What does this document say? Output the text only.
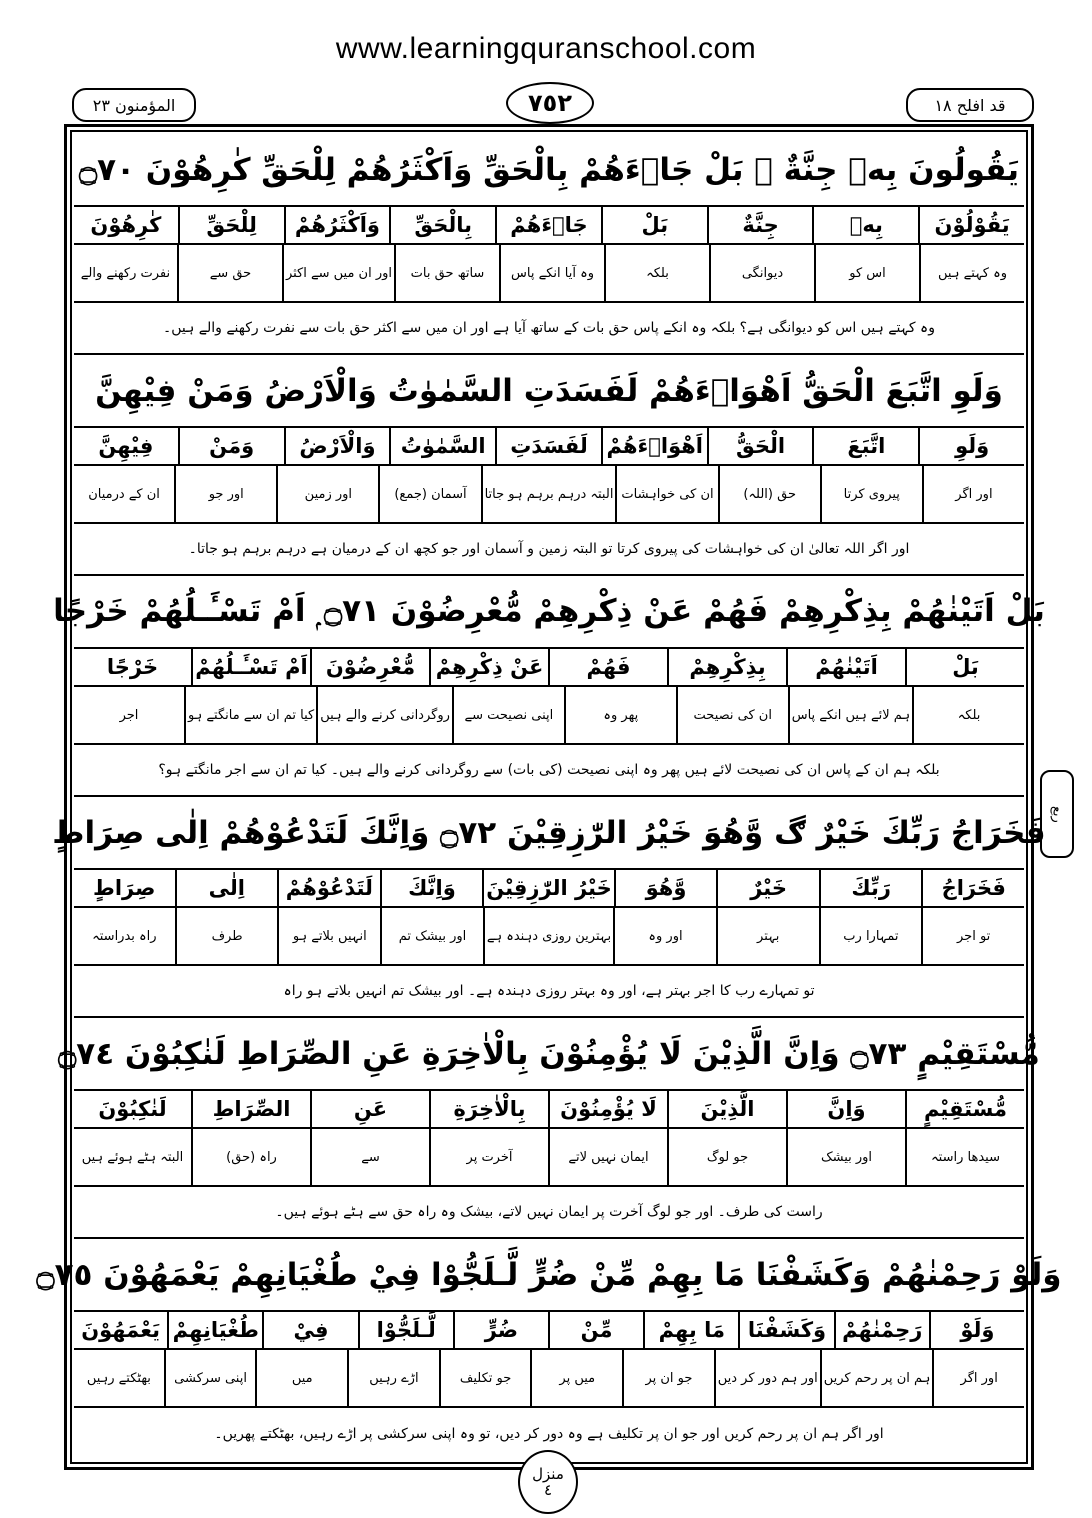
www.learningquranschool.com
المؤمنون ٢٣	٧٥٢	قد افلح ١٨
ربع
يَقُولُونَ بِهٖ جِنَّةٌ ۭ بَلْ جَاۗءَهُمْ بِالْحَقِّ وَاَكْثَرُهُمْ لِلْحَقِّ كٰرِهُوْنَ ۝٧٠
يَقُوْلُوْنَ
بِهٖ
جِنَّةٌ
بَلْ
جَاۗءَهُمْ
بِالْحَقِّ
وَاَكْثَرُهُمْ
لِلْحَقِّ
كٰرِهُوْنَ
وہ کہتے ہیں
اس کو
دیوانگی
بلکہ
وہ آیا انکے پاس
ساتھ حق بات
اور ان میں سے اکثر
حق سے
نفرت رکھنے والے
وہ کہتے ہیں اس کو دیوانگی ہے؟ بلکہ وہ انکے پاس حق بات کے ساتھ آیا ہے اور ان میں سے اکثر حق بات سے نفرت رکھنے والے ہیں۔
وَلَوِ اتَّبَعَ الْحَقُّ اَهْوَاۗءَهُمْ لَفَسَدَتِ السَّمٰوٰتُ وَالْاَرْضُ وَمَنْ فِيْهِنَّ
وَلَوِ
اتَّبَعَ
الْحَقُّ
اَهْوَاۗءَهُمْ
لَفَسَدَتِ
السَّمٰوٰتُ
وَالْاَرْضُ
وَمَنْ
فِيْهِنَّ
اور اگر
پیروی کرتا
حق (اللہ)
ان کی خواہشات
البتہ درہم برہم ہو جاتا
آسمان (جمع)
اور زمین
اور جو
ان کے درمیان
اور اگر اللہ تعالیٰ ان کی خواہشات کی پیروی کرتا تو البتہ زمین و آسمان اور جو کچھ ان کے درمیان ہے درہم برہم ہو جاتا۔
بَلْ اَتَيْنٰهُمْ بِذِكْرِهِمْ فَهُمْ عَنْ ذِكْرِهِمْ مُّعْرِضُوْنَ ۝٧١ ۭ اَمْ تَسْـَٔـلُهُمْ خَرْجًا
بَلْ
اَتَيْنٰهُمْ
بِذِكْرِهِمْ
فَهُمْ
عَنْ ذِكْرِهِمْ
مُّعْرِضُوْنَ
اَمْ تَسْـَٔـلُهُمْ
خَرْجًا
بلکہ
ہم لائے ہیں انکے پاس
ان کی نصیحت
پھر وہ
اپنی نصیحت سے
روگردانی کرنے والے ہیں
کیا تم ان سے مانگتے ہو
اجر
بلکہ ہم ان کے پاس ان کی نصیحت لائے ہیں پھر وہ اپنی نصیحت (کی بات) سے روگردانی کرنے والے ہیں۔ کیا تم ان سے اجر مانگتے ہو؟
فَخَرَاجُ رَبِّكَ خَيْرٌ ڰ وَّهُوَ خَيْرُ الرّٰزِقِيْنَ ۝٧٢ وَاِنَّكَ لَتَدْعُوْهُمْ اِلٰى صِرَاطٍ
فَخَرَاجُ
رَبِّكَ
خَيْرٌ
وَّهُوَ
خَيْرُ الرّٰزِقِيْنَ
وَاِنَّكَ
لَتَدْعُوْهُمْ
اِلٰى
صِرَاطٍ
تو اجر
تمہارا رب
بہتر
اور وہ
بہترین روزی دہندہ ہے
اور بیشک تم
انہیں بلاتے ہو
طرف
راہ بدراستہ
تو تمہارے رب کا اجر بہتر ہے، اور وہ بہتر روزی دہندہ ہے۔ اور بیشک تم انہیں بلاتے ہو راہ
مُّسْتَقِيْمٍ ۝٧٣ وَاِنَّ الَّذِيْنَ لَا يُؤْمِنُوْنَ بِالْاٰخِرَةِ عَنِ الصِّرَاطِ لَنٰكِبُوْنَ ۝٧٤
مُّسْتَقِيْمٍ
وَاِنَّ
الَّذِيْنَ
لَا يُؤْمِنُوْنَ
بِالْاٰخِرَةِ
عَنِ
الصِّرَاطِ
لَنٰكِبُوْنَ
سیدھا راستہ
اور بیشک
جو لوگ
ایمان نہیں لاتے
آخرت پر
سے
راہ (حق)
البتہ ہٹے ہوئے ہیں
راست کی طرف۔ اور جو لوگ آخرت پر ایمان نہیں لاتے، بیشک وہ راہ حق سے ہٹے ہوئے ہیں۔
وَلَوْ رَحِمْنٰهُمْ وَكَشَفْنَا مَا بِهِمْ مِّنْ ضُرٍّ لَّـلَجُّوْا فِيْ طُغْيَانِهِمْ يَعْمَهُوْنَ ۝٧٥
وَلَوْ
رَحِمْنٰهُمْ
وَكَشَفْنَا
مَا بِهِمْ
مِّنْ
ضُرٍّ
لَّـلَجُّوْا
فِيْ
طُغْيَانِهِمْ
يَعْمَهُوْنَ
اور اگر
ہم ان پر رحم کریں
اور ہم دور کر دیں
جو ان پر
میں پر
جو تکلیف
اڑے رہیں
میں
اپنی سرکشی
بھٹکتے رہیں
اور اگر ہم ان پر رحم کریں اور جو ان پر تکلیف ہے وہ دور کر دیں، تو وہ اپنی سرکشی پر اڑے رہیں، بھٹکتے پھریں۔
منزل
٤
